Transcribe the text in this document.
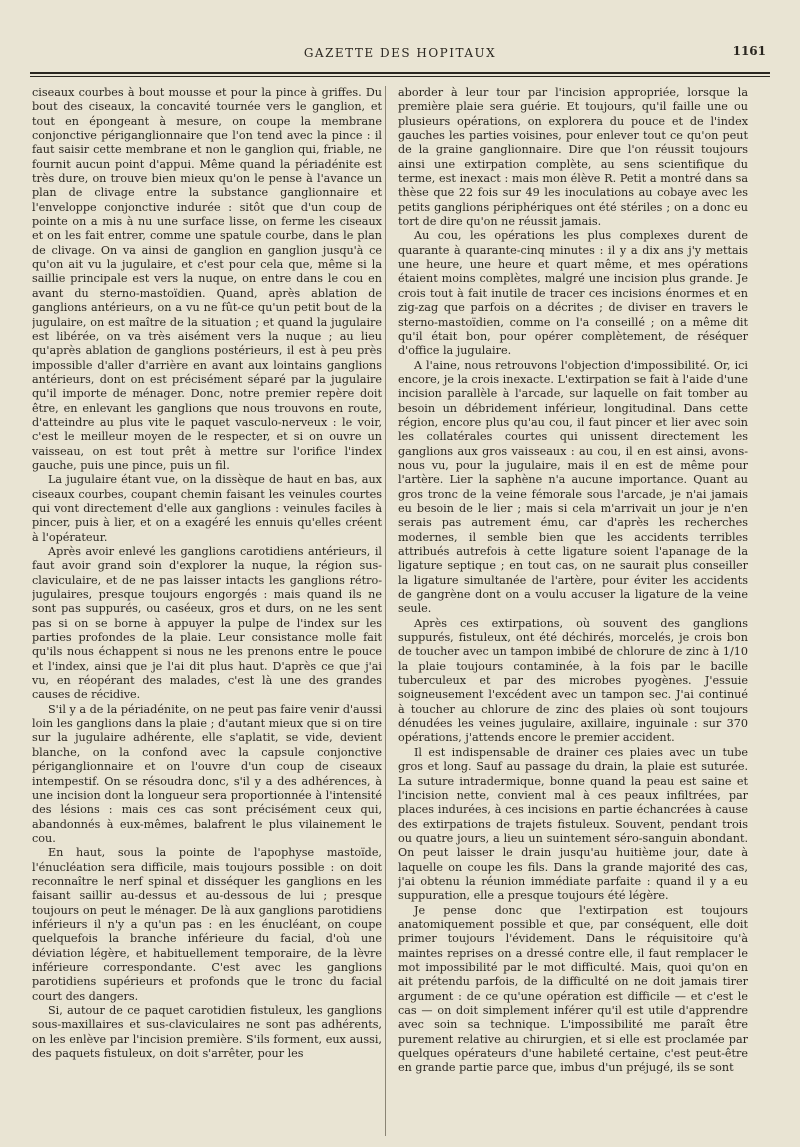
GAZETTE DES HOPITAUX	1161

ciseaux courbes à bout mousse et pour la pince à griffes. Du bout des ciseaux, la concavité tournée vers le ganglion, et tout en épongeant à mesure, on coupe la membrane conjonctive périganglionnaire que l'on tend avec la pince : il faut saisir cette membrane et non le ganglion qui, friable, ne fournit aucun point d'appui. Même quand la périadénite est très dure, on trouve bien mieux qu'on le pense à l'avance un plan de clivage entre la substance ganglionnaire et l'enveloppe conjonctive indurée : sitôt que d'un coup de pointe on a mis à nu une surface lisse, on ferme les ciseaux et on les fait entrer, comme une spatule courbe, dans le plan de clivage. On va ainsi de ganglion en ganglion jusqu'à ce qu'on ait vu la jugulaire, et c'est pour cela que, même si la saillie principale est vers la nuque, on entre dans le cou en avant du sterno-mastoïdien. Quand, après ablation de ganglions antérieurs, on a vu ne fût-ce qu'un petit bout de la jugulaire, on est maître de la situation ; et quand la jugulaire est libérée, on va très aisément vers la nuque ; au lieu qu'après ablation de ganglions postérieurs, il est à peu près impossible d'aller d'arrière en avant aux lointains ganglions antérieurs, dont on est précisément séparé par la jugulaire qu'il importe de ménager. Donc, notre premier repère doit être, en enlevant les ganglions que nous trouvons en route, d'atteindre au plus vite le paquet vasculo-nerveux : le voir, c'est le meilleur moyen de le respecter, et si on ouvre un vaisseau, on est tout prêt à mettre sur l'orifice l'index gauche, puis une pince, puis un fil.

La jugulaire étant vue, on la dissèque de haut en bas, aux ciseaux courbes, coupant chemin faisant les veinules courtes qui vont directement d'elle aux ganglions : veinules faciles à pincer, puis à lier, et on a exagéré les ennuis qu'elles créent à l'opérateur.

Après avoir enlevé les ganglions carotidiens antérieurs, il faut avoir grand soin d'explorer la nuque, la région sus-claviculaire, et de ne pas laisser intacts les ganglions rétro-jugulaires, presque toujours engorgés : mais quand ils ne sont pas suppurés, ou caséeux, gros et durs, on ne les sent pas si on se borne à appuyer la pulpe de l'index sur les parties profondes de la plaie. Leur consistance molle fait qu'ils nous échappent si nous ne les prenons entre le pouce et l'index, ainsi que je l'ai dit plus haut. D'après ce que j'ai vu, en réopérant des malades, c'est là une des grandes causes de récidive.

S'il y a de la périadénite, on ne peut pas faire venir d'aussi loin les ganglions dans la plaie ; d'autant mieux que si on tire sur la jugulaire adhérente, elle s'aplatit, se vide, devient blanche, on la confond avec la capsule conjonctive périganglionnaire et on l'ouvre d'un coup de ciseaux intempestif. On se résoudra donc, s'il y a des adhérences, à une incision dont la longueur sera proportionnée à l'intensité des lésions : mais ces cas sont précisément ceux qui, abandonnés à eux-mêmes, balafrent le plus vilainement le cou.

En haut, sous la pointe de l'apophyse mastoïde, l'énucléation sera difficile, mais toujours possible : on doit reconnaître le nerf spinal et disséquer les ganglions en les faisant saillir au-dessus et au-dessous de lui ; presque toujours on peut le ménager. De là aux ganglions parotidiens inférieurs il n'y a qu'un pas : en les énucléant, on coupe quelquefois la branche inférieure du facial, d'où une déviation légère, et habituellement temporaire, de la lèvre inférieure correspondante. C'est avec les ganglions parotidiens supérieurs et profonds que le tronc du facial court des dangers.

Si, autour de ce paquet carotidien fistuleux, les ganglions sous-maxillaires et sus-claviculaires ne sont pas adhérents, on les enlève par l'incision première. S'ils forment, eux aussi, des paquets fistuleux, on doit s'arrêter, pour les

aborder à leur tour par l'incision appropriée, lorsque la première plaie sera guérie. Et toujours, qu'il faille une ou plusieurs opérations, on explorera du pouce et de l'index gauches les parties voisines, pour enlever tout ce qu'on peut de la graine ganglionnaire. Dire que l'on réussit toujours ainsi une extirpation complète, au sens scientifique du terme, est inexact : mais mon élève R. Petit a montré dans sa thèse que 22 fois sur 49 les inoculations au cobaye avec les petits ganglions périphériques ont été stériles ; on a donc eu tort de dire qu'on ne réussit jamais.

Au cou, les opérations les plus complexes durent de quarante à quarante-cinq minutes : il y a dix ans j'y mettais une heure, une heure et quart même, et mes opérations étaient moins complètes, malgré une incision plus grande. Je crois tout à fait inutile de tracer ces incisions énormes et en zig-zag que parfois on a décrites ; de diviser en travers le sterno-mastoïdien, comme on l'a conseillé ; on a même dit qu'il était bon, pour opérer complètement, de réséquer d'office la jugulaire.

A l'aine, nous retrouvons l'objection d'impossibilité. Or, ici encore, je la crois inexacte. L'extirpation se fait à l'aide d'une incision parallèle à l'arcade, sur laquelle on fait tomber au besoin un débridement inférieur, longitudinal. Dans cette région, encore plus qu'au cou, il faut pincer et lier avec soin les collatérales courtes qui unissent directement les ganglions aux gros vaisseaux : au cou, il en est ainsi, avons-nous vu, pour la jugulaire, mais il en est de même pour l'artère. Lier la saphène n'a aucune importance. Quant au gros tronc de la veine fémorale sous l'arcade, je n'ai jamais eu besoin de le lier ; mais si cela m'arrivait un jour je n'en serais pas autrement ému, car d'après les recherches modernes, il semble bien que les accidents terribles attribués autrefois à cette ligature soient l'apanage de la ligature septique ; en tout cas, on ne saurait plus conseiller la ligature simultanée de l'artère, pour éviter les accidents de gangrène dont on a voulu accuser la ligature de la veine seule.

Après ces extirpations, où souvent des ganglions suppurés, fistuleux, ont été déchirés, morcelés, je crois bon de toucher avec un tampon imbibé de chlorure de zinc à 1/10 la plaie toujours contaminée, à la fois par le bacille tuberculeux et par des microbes pyogènes. J'essuie soigneusement l'excédent avec un tampon sec. J'ai continué à toucher au chlorure de zinc des plaies où sont toujours dénudées les veines jugulaire, axillaire, inguinale : sur 370 opérations, j'attends encore le premier accident.

Il est indispensable de drainer ces plaies avec un tube gros et long. Sauf au passage du drain, la plaie est suturée. La suture intradermique, bonne quand la peau est saine et l'incision nette, convient mal à ces peaux infiltrées, par places indurées, à ces incisions en partie échancrées à cause des extirpations de trajets fistuleux. Souvent, pendant trois ou quatre jours, a lieu un suintement séro-sanguin abondant. On peut laisser le drain jusqu'au huitième jour, date à laquelle on coupe les fils. Dans la grande majorité des cas, j'ai obtenu la réunion immédiate parfaite : quand il y a eu suppuration, elle a presque toujours été légère.

Je pense donc que l'extirpation est toujours anatomiquement possible et que, par conséquent, elle doit primer toujours l'évidement. Dans le réquisitoire qu'à maintes reprises on a dressé contre elle, il faut remplacer le mot impossibilité par le mot difficulté. Mais, quoi qu'on en ait prétendu parfois, de la difficulté on ne doit jamais tirer argument : de ce qu'une opération est difficile — et c'est le cas — on doit simplement inférer qu'il est utile d'apprendre avec soin sa technique. L'impossibilité me paraît être purement relative au chirurgien, et si elle est proclamée par quelques opérateurs d'une habileté certaine, c'est peut-être en grande partie parce que, imbus d'un préjugé, ils se sont
